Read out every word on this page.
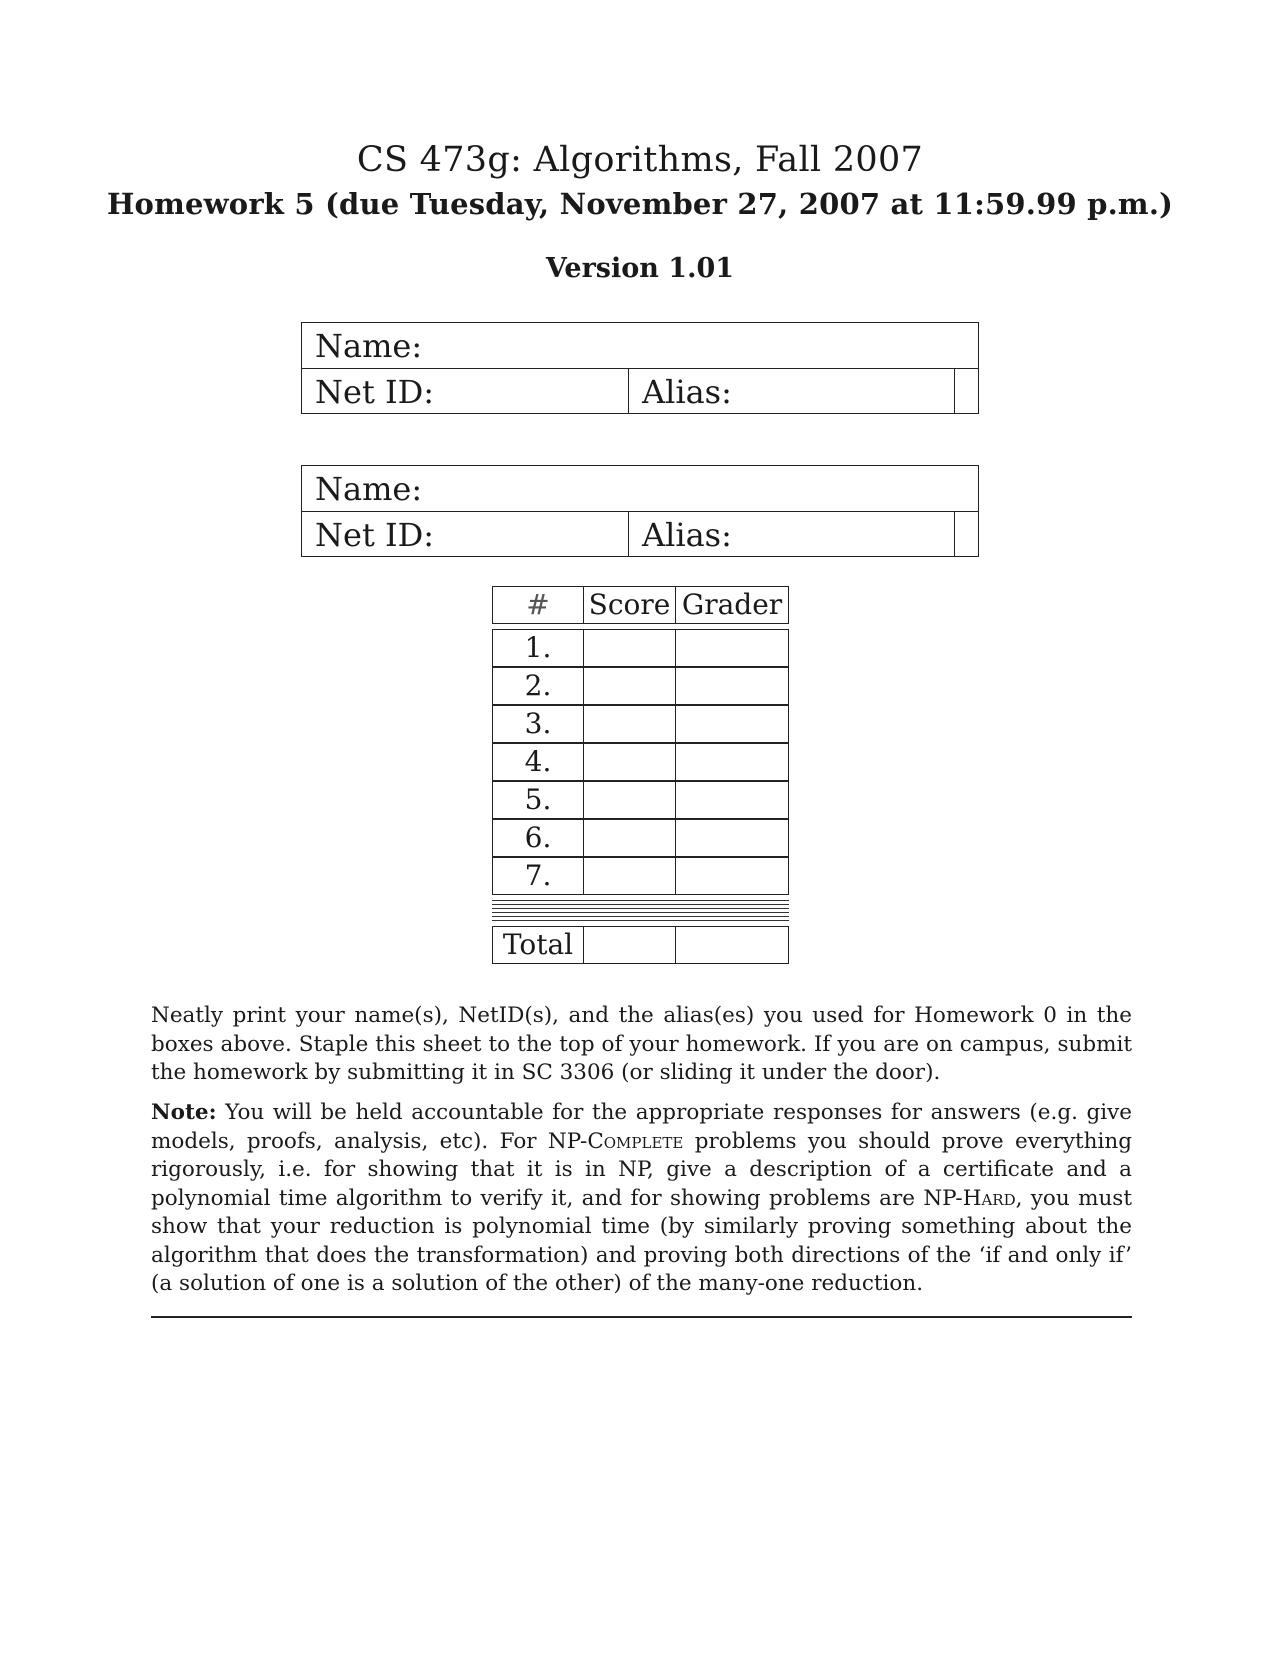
CS 473g: Algorithms, Fall 2007
Homework 5 (due Tuesday, November 27, 2007 at 11:59.99 p.m.)
Version 1.01
Name:
Net ID:	Alias:
Name:
Net ID:	Alias:
#	Score Grader
1.
2.
3.
4.
5.
6.
7.
Total
Neatly print your name(s), NetID(s), and the alias(es) you used for Homework 0 in the boxes above. Staple this sheet to the top of your homework. If you are on campus, submit the homework by submitting it in SC 3306 (or sliding it under the door).
Note: You will be held accountable for the appropriate responses for answers (e.g. give models, proofs, analysis, etc). For NP-Complete problems you should prove everything rigorously, i.e. for showing that it is in NP, give a description of a certificate and a polynomial time algorithm to verify it, and for showing problems are NP-Hard, you must show that your reduction is polynomial time (by similarly proving something about the algorithm that does the transformation) and proving both directions of the ‘if and only if’ (a solution of one is a solution of the other) of the many-one reduction.
